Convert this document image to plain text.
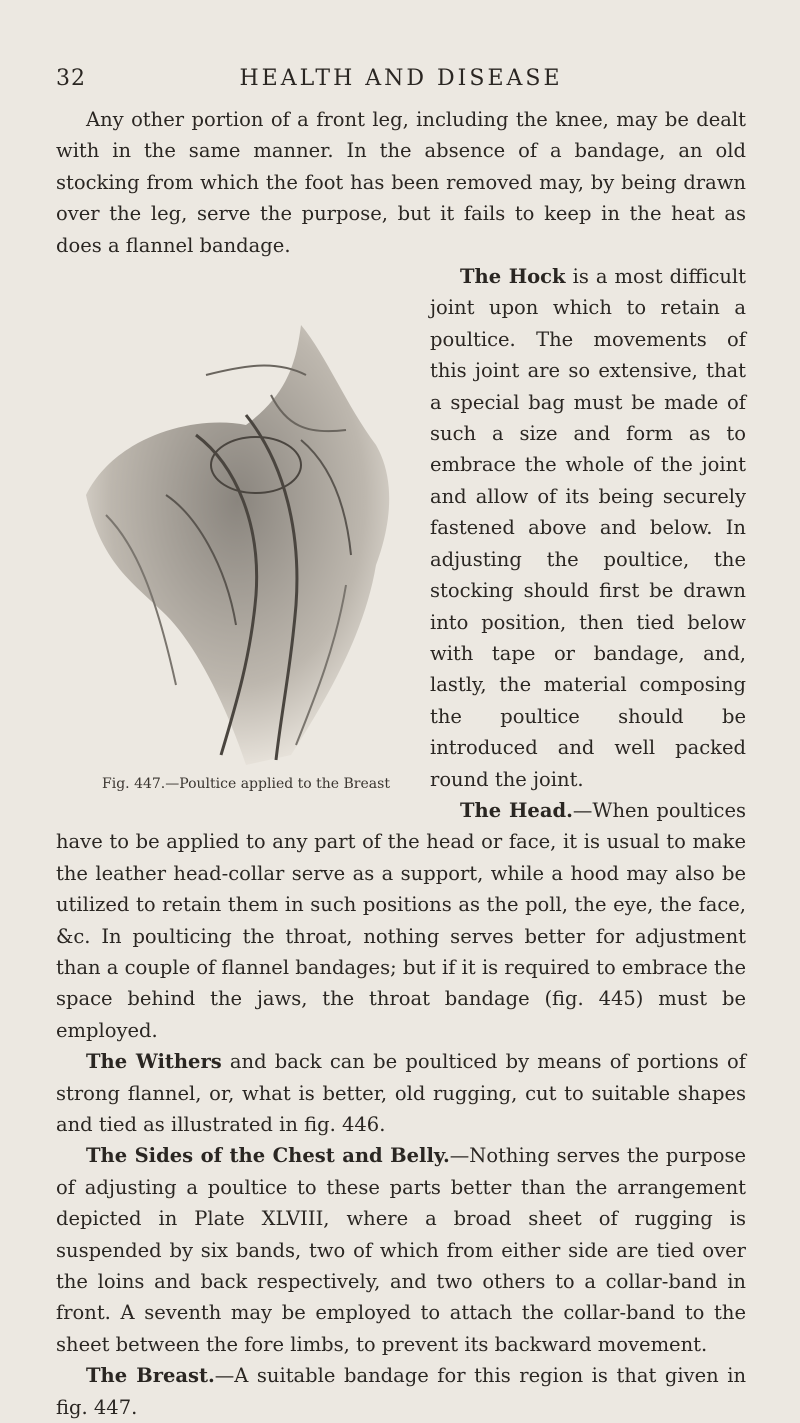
32	HEALTH AND DISEASE

Any other portion of a front leg, including the knee, may be dealt with in the same manner. In the absence of a bandage, an old stocking from which the foot has been removed may, by being drawn over the leg, serve the purpose, but it fails to keep in the heat as does a flannel bandage.

Fig. 447.—Poultice applied to the Breast
The Hock is a most difficult joint upon which to retain a poultice. The movements of this joint are so extensive, that a special bag must be made of such a size and form as to embrace the whole of the joint and allow of its being securely fastened above and below. In adjusting the poultice, the stocking should first be drawn into position, then tied below with tape or bandage, and, lastly, the material composing the poultice should be introduced and well packed round the joint.

The Head.—When poultices have to be applied to any part of the head or face, it is usual to make the leather head-collar serve as a support, while a hood may also be utilized to retain them in such positions as the poll, the eye, the face, &c. In poulticing the throat, nothing serves better for adjustment than a couple of flannel bandages; but if it is required to embrace the space behind the jaws, the throat bandage (fig. 445) must be employed.

The Withers and back can be poulticed by means of portions of strong flannel, or, what is better, old rugging, cut to suitable shapes and tied as illustrated in fig. 446.

The Sides of the Chest and Belly.—Nothing serves the purpose of adjusting a poultice to these parts better than the arrangement depicted in Plate XLVIII, where a broad sheet of rugging is suspended by six bands, two of which from either side are tied over the loins and back respectively, and two others to a collar-band in front. A seventh may be employed to attach the collar-band to the sheet between the fore limbs, to prevent its backward movement.

The Breast.—A suitable bandage for this region is that given in fig. 447.
